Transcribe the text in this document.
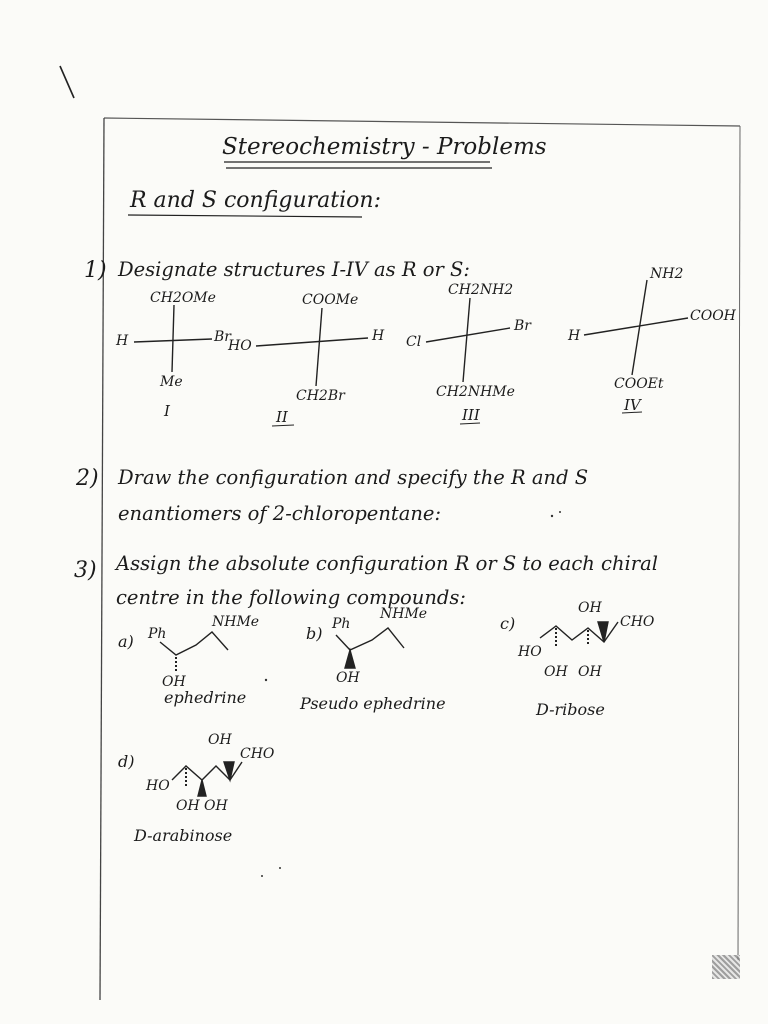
Stereochemistry - Problems
R and S configuration:
1) Designate structures I-IV as R or S:
CH2OMe
H	Br
Me
I
COOMe
HO
H
CH2Br
II
CH2NH2
Cl
Br
CH2NHMe
III
NH2
H
COOH
COOEt
IV
2) Draw the configuration and specify the R and S
enantiomers of 2-chloropentane:
3) Assign the absolute configuration R or S to each chiral
centre in the following compounds:
a) Ph
NHMe
OH
ephedrine
b) Ph
NHMe
OH
Pseudo ephedrine
c)
OH
CHO
HO
OH OH
D-ribose
d)
OH
CHO
HO
OH OH
D-arabinose
